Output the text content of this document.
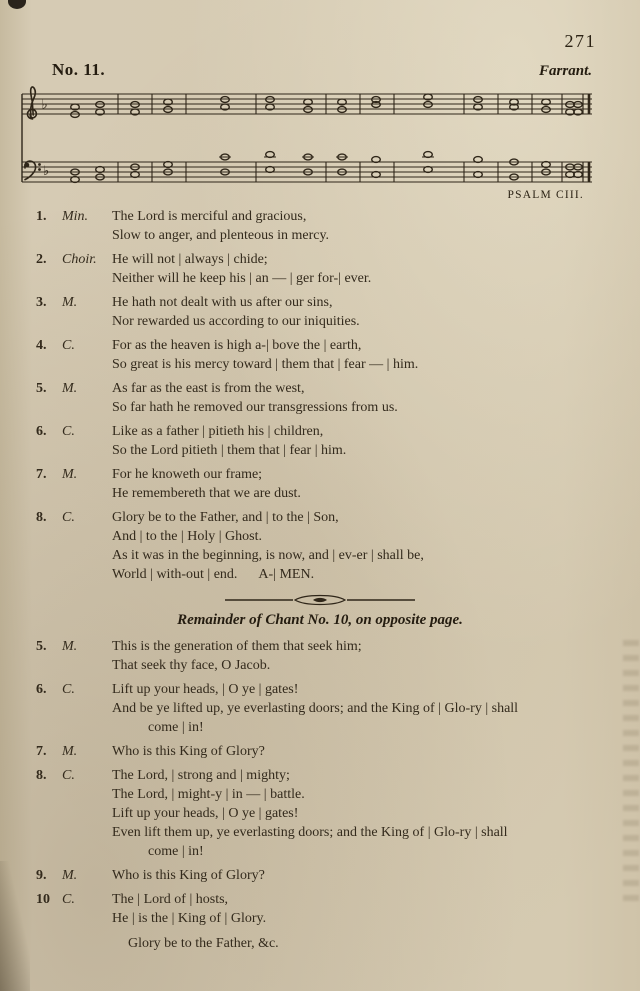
271
No. 11.	Farrant.
♭
♭
PSALM CIII.
1.	Min.	The Lord is merciful and gracious,
Slow to anger, and plenteous in mercy.
2.	Choir.	He will not | always | chide;
Neither will he keep his | an — | ger for-| ever.
3.	M.	He hath not dealt with us after our sins,
Nor rewarded us according to our iniquities.
4.	C.	For as the heaven is high a-| bove the | earth,
So great is his mercy toward | them that | fear — | him.
5.	M.	As far as the east is from the west,
So far hath he removed our transgressions from us.
6.	C.	Like as a father | pitieth his | children,
So the Lord pitieth | them that | fear | him.
7.	M.	For he knoweth our frame;
He remembereth that we are dust.
8.	C.	Glory be to the Father, and | to the | Son,
And | to the | Holy | Ghost.
As it was in the beginning, is now, and | ev-er | shall be,
World | with-out | end.  A-| MEN.
Remainder of Chant No. 10, on opposite page.
5.	M.	This is the generation of them that seek him;
That seek thy face, O Jacob.
6.	C.	Lift up your heads, | O ye | gates!
And be ye lifted up, ye everlasting doors; and the King of | Glo-ry | shall
come | in!
7.	M.	Who is this King of Glory?
8.	C.	The Lord, | strong and | mighty;
The Lord, | might-y | in — | battle.
Lift up your heads, | O ye | gates!
Even lift them up, ye everlasting doors; and the King of | Glo-ry | shall
come | in!
9.	M.	Who is this King of Glory?
10 C.	The | Lord of | hosts,
He | is the | King of | Glory.
Glory be to the Father, &c.
